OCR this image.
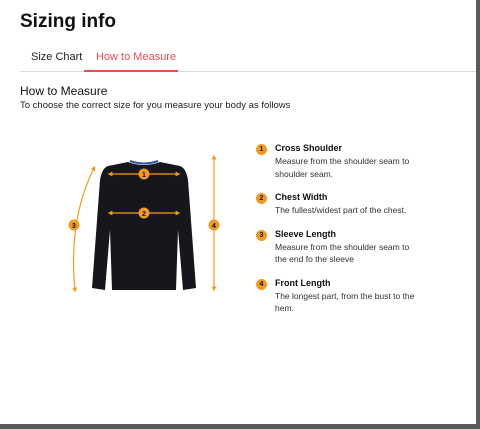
Sizing info
Size Chart How to Measure
How to Measure
To choose the correct size for you measure your body as follows
1
2
3	4
1	Cross Shoulder
Measure from the shoulder seam to shoulder seam.
2	Chest Width
The fullest/widest part of the chest.
3	Sleeve Length
Measure from the shoulder seam to the end fo the sleeve
4	Front Length
The longest part, from the bust to the hem.
